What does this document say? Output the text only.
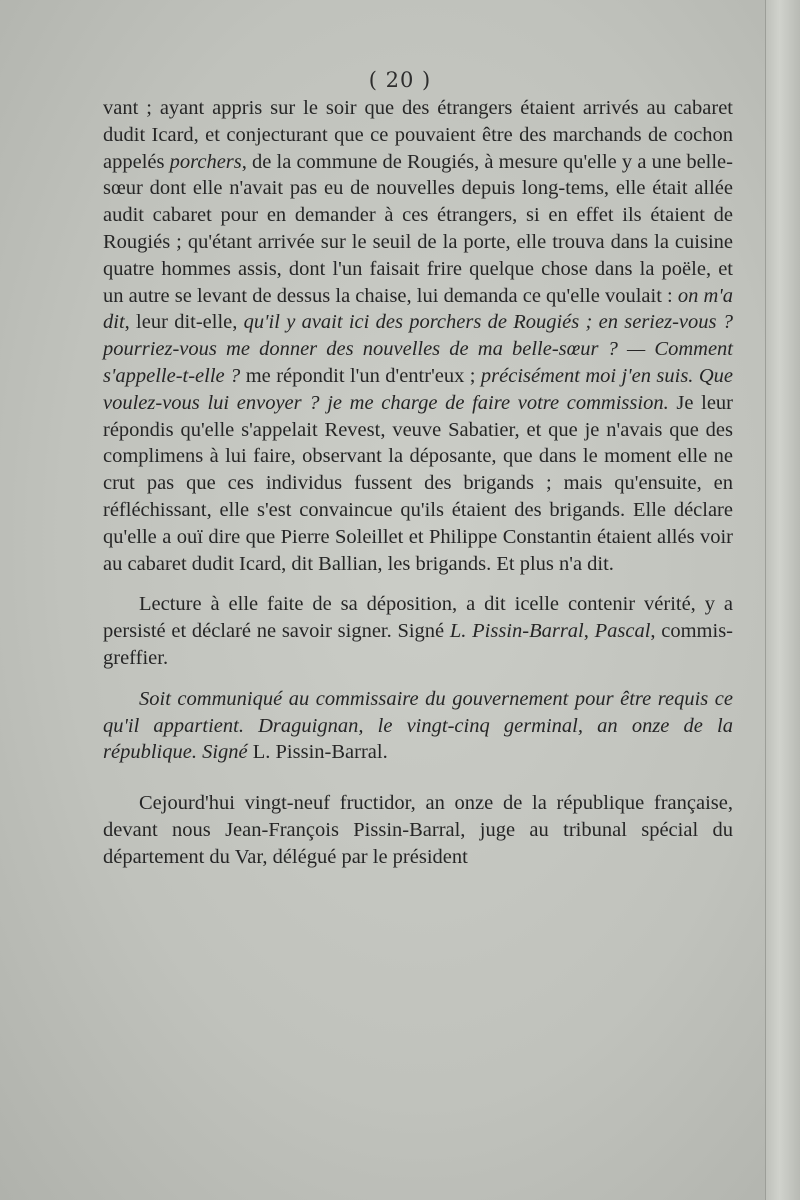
( 20 )

vant ; ayant appris sur le soir que des étrangers étaient arrivés au cabaret dudit Icard, et conjecturant que ce pouvaient être des marchands de cochon appelés porchers, de la commune de Rougiés, à mesure qu'elle y a une belle-sœur dont elle n'avait pas eu de nouvelles depuis long-tems, elle était allée audit cabaret pour en demander à ces étrangers, si en effet ils étaient de Rougiés ; qu'étant arrivée sur le seuil de la porte, elle trouva dans la cuisine quatre hommes assis, dont l'un faisait frire quelque chose dans la poële, et un autre se levant de dessus la chaise, lui demanda ce qu'elle voulait : on m'a dit, leur dit-elle, qu'il y avait ici des porchers de Rougiés ; en seriez-vous ? pourriez-vous me donner des nouvelles de ma belle-sœur ? — Comment s'appelle-t-elle ? me répondit l'un d'entr'eux ; précisément moi j'en suis. Que voulez-vous lui envoyer ? je me charge de faire votre commission. Je leur répondis qu'elle s'appelait Revest, veuve Sabatier, et que je n'avais que des complimens à lui faire, observant la déposante, que dans le moment elle ne crut pas que ces individus fussent des brigands ; mais qu'ensuite, en réfléchissant, elle s'est convaincue qu'ils étaient des brigands. Elle déclare qu'elle a ouï dire que Pierre Soleillet et Philippe Constantin étaient allés voir au cabaret dudit Icard, dit Ballian, les brigands. Et plus n'a dit.

Lecture à elle faite de sa déposition, a dit icelle contenir vérité, y a persisté et déclaré ne savoir signer. Signé L. Pissin-Barral, Pascal, commis-greffier.

Soit communiqué au commissaire du gouvernement pour être requis ce qu'il appartient. Draguignan, le vingt-cinq germinal, an onze de la république. Signé L. Pissin-Barral.

Cejourd'hui vingt-neuf fructidor, an onze de la république française, devant nous Jean-François Pissin-Barral, juge au tribunal spécial du département du Var, délégué par le président
